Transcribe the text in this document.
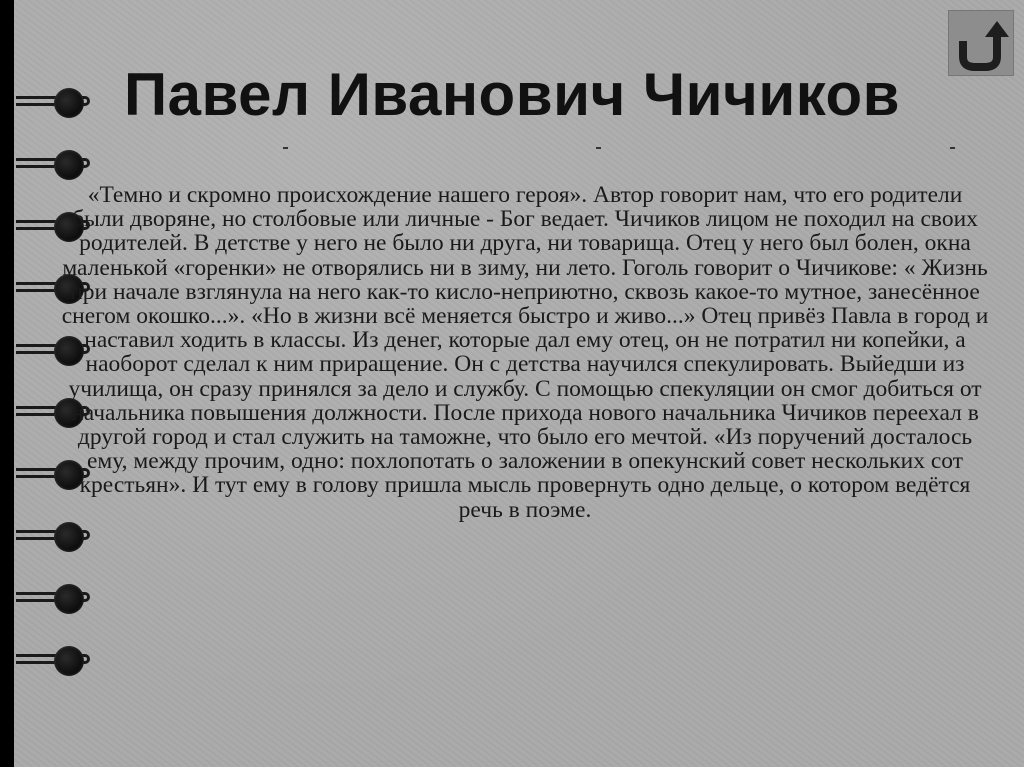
Павел Иванович Чичиков

«Темно и скромно происхождение нашего героя». Автор говорит нам, что его родители были дворяне, но столбовые или личные - Бог ведает. Чичиков лицом не походил на своих родителей. В детстве у него не было ни друга, ни товарища. Отец у него был болен, окна маленькой «горенки» не отворялись ни в зиму, ни лето. Гоголь говорит о Чичикове: « Жизнь при начале взглянула на него как-то кисло-неприютно, сквозь какое-то мутное, занесённое снегом окошко...». «Но в жизни всё меняется быстро и живо...» Отец привёз Павла в город и наставил ходить в классы. Из денег, которые дал ему отец, он не потратил ни копейки, а наоборот сделал к ним приращение. Он с детства научился спекулировать. Выйедши из училища, он сразу принялся за дело и службу. С помощью спекуляции он смог добиться от начальника повышения должности. После прихода нового начальника Чичиков переехал в другой город и стал служить на таможне, что было его мечтой. «Из поручений досталось ему, между прочим, одно: похлопотать о заложении в опекунский совет нескольких сот крестьян». И тут ему в голову пришла мысль провернуть одно дельце, о котором ведётся речь в поэме.
